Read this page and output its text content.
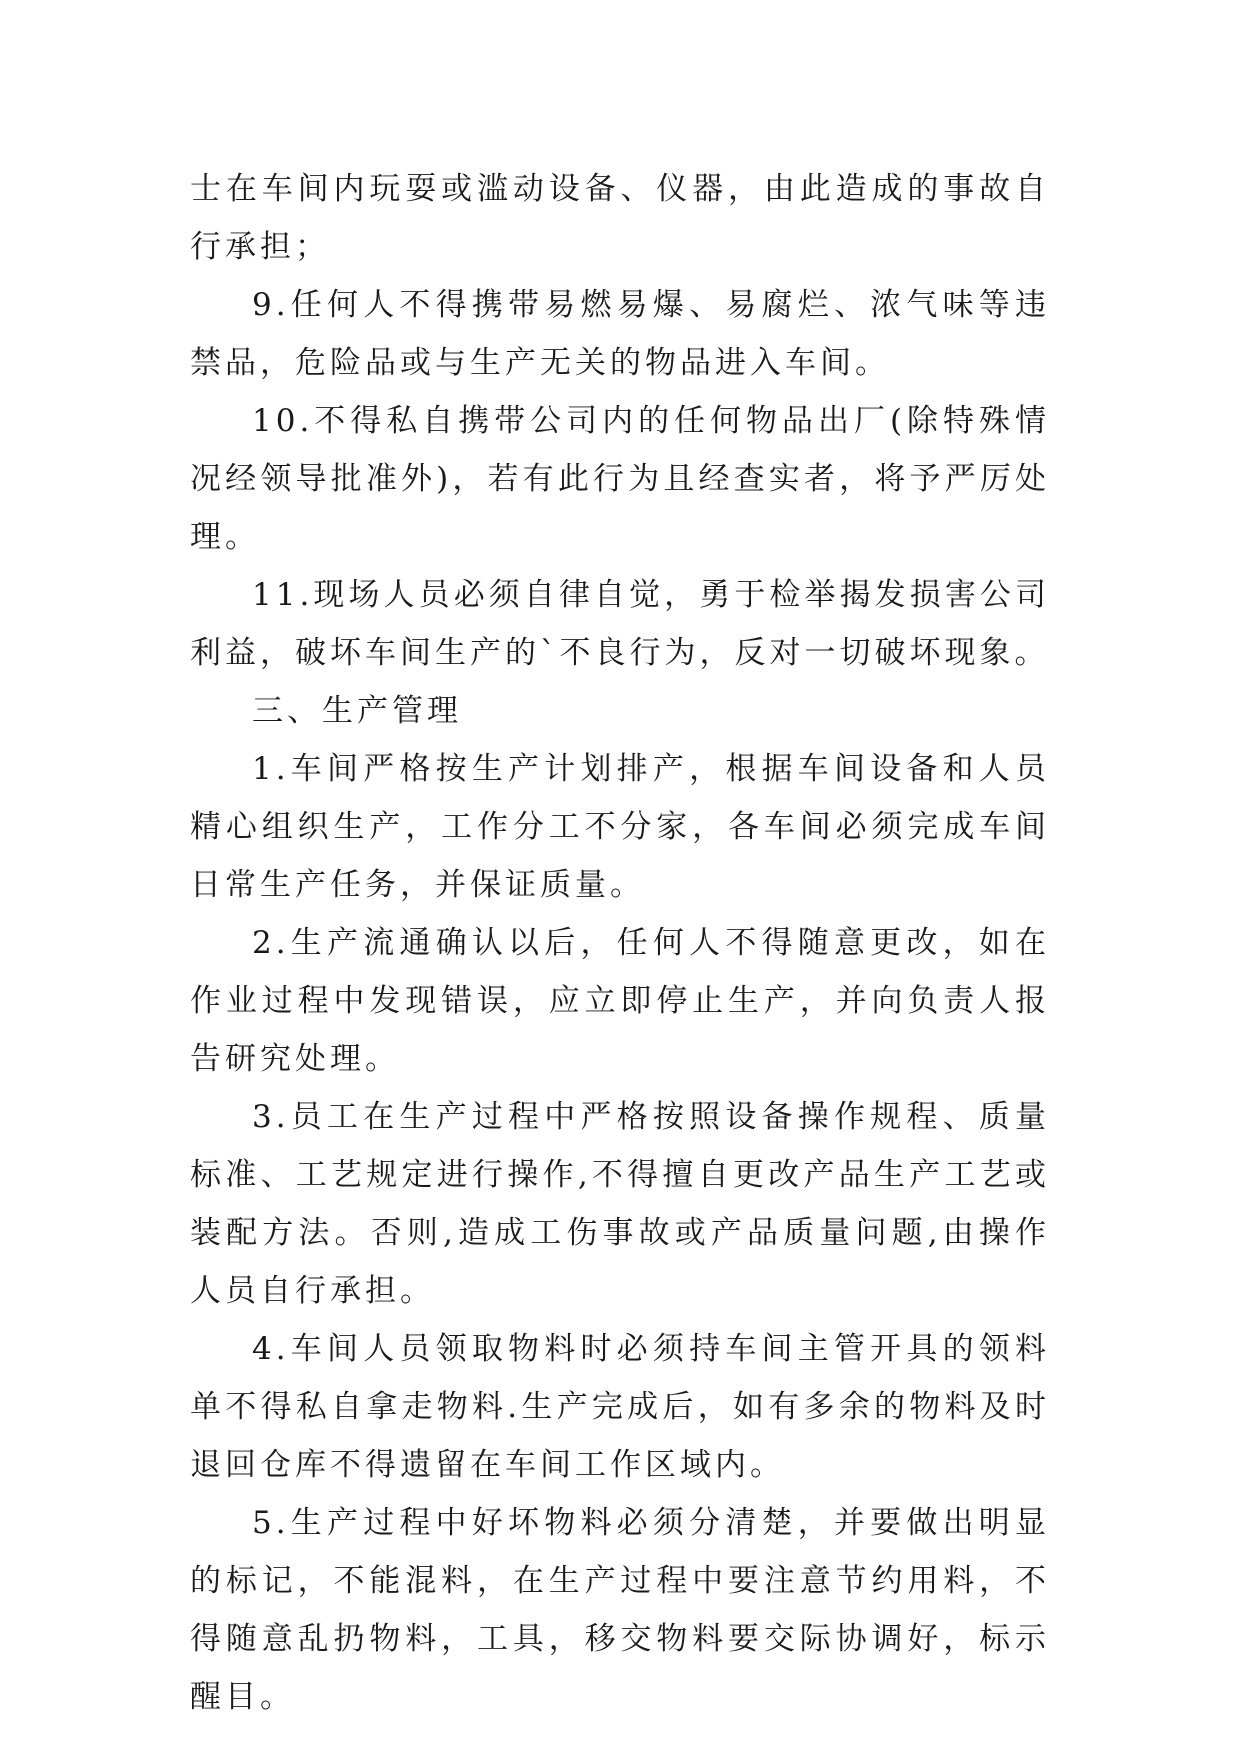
士在车间内玩耍或滥动设备、仪器，由此造成的事故自行承担；

9.任何人不得携带易燃易爆、易腐烂、浓气味等违禁品，危险品或与生产无关的物品进入车间。

10.不得私自携带公司内的任何物品出厂(除特殊情况经领导批准外)，若有此行为且经查实者，将予严厉处理。

11.现场人员必须自律自觉，勇于检举揭发损害公司利益，破坏车间生产的`不良行为，反对一切破坏现象。

三、生产管理

1.车间严格按生产计划排产，根据车间设备和人员精心组织生产，工作分工不分家，各车间必须完成车间日常生产任务，并保证质量。

2.生产流通确认以后，任何人不得随意更改，如在作业过程中发现错误，应立即停止生产，并向负责人报告研究处理。

3.员工在生产过程中严格按照设备操作规程、质量标准、工艺规定进行操作,不得擅自更改产品生产工艺或装配方法。否则,造成工伤事故或产品质量问题,由操作人员自行承担。

4.车间人员领取物料时必须持车间主管开具的领料单不得私自拿走物料.生产完成后，如有多余的物料及时退回仓库不得遗留在车间工作区域内。

5.生产过程中好坏物料必须分清楚，并要做出明显的标记，不能混料，在生产过程中要注意节约用料，不得随意乱扔物料，工具，移交物料要交际协调好，标示醒目。
